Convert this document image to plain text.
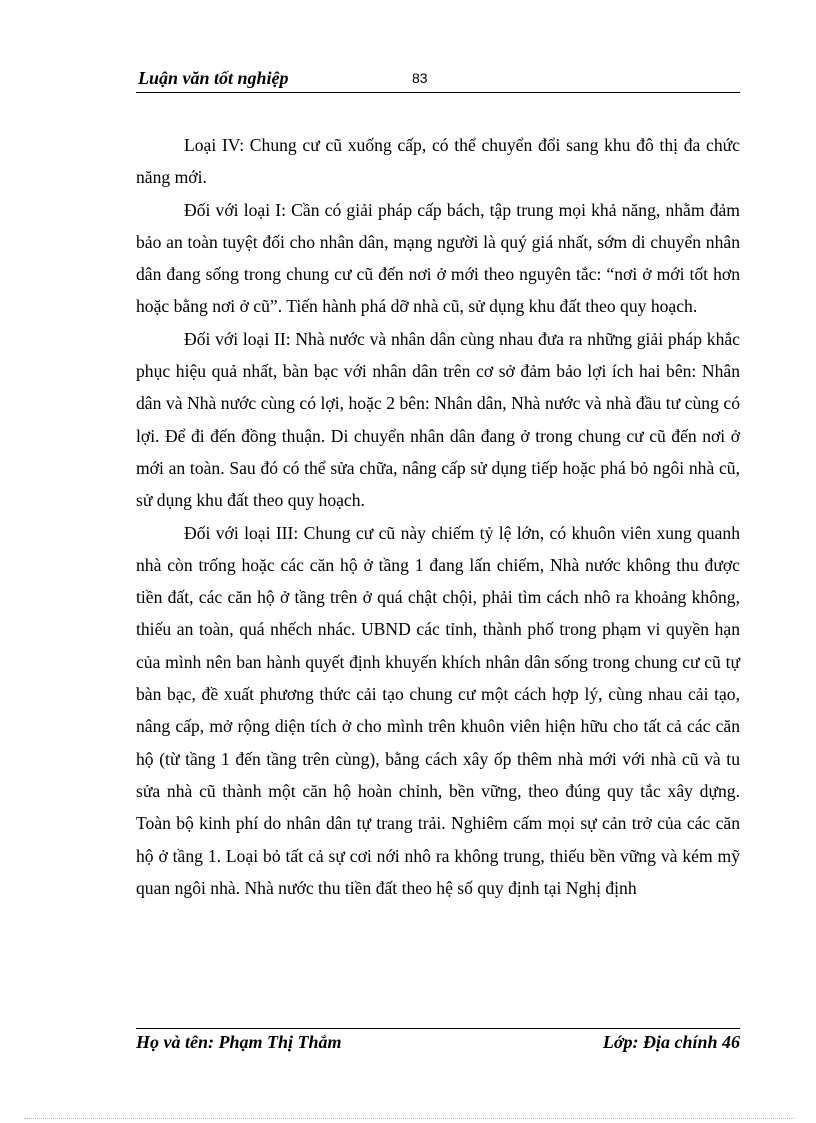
Luận văn tốt nghiệp	83

Loại IV: Chung cư cũ xuống cấp, có thể chuyển đổi sang khu đô thị đa chức năng mới.

Đối với loại I: Cần có giải pháp cấp bách, tập trung mọi khả năng, nhằm đảm bảo an toàn tuyệt đối cho nhân dân, mạng người là quý giá nhất, sớm di chuyển nhân dân đang sống trong chung cư cũ đến nơi ở mới theo nguyên tắc: “nơi ở mới tốt hơn hoặc bằng nơi ở cũ”. Tiến hành phá dỡ nhà cũ, sử dụng khu đất theo quy hoạch.

Đối với loại II: Nhà nước và nhân dân cùng nhau đưa ra những giải pháp khắc phục hiệu quả nhất, bàn bạc với nhân dân trên cơ sở đảm bảo lợi ích hai bên: Nhân dân và Nhà nước cùng có lợi, hoặc 2 bên: Nhân dân, Nhà nước và nhà đầu tư cùng có lợi. Để đi đến đồng thuận. Di chuyển nhân dân đang ở trong chung cư cũ đến nơi ở mới an toàn. Sau đó có thể sửa chữa, nâng cấp sử dụng tiếp hoặc phá bỏ ngôi nhà cũ, sử dụng khu đất theo quy hoạch.

Đối với loại III: Chung cư cũ này chiếm tỷ lệ lớn, có khuôn viên xung quanh nhà còn trống hoặc các căn hộ ở tầng 1 đang lấn chiếm, Nhà nước không thu được tiền đất, các căn hộ ở tầng trên ở quá chật chội, phải tìm cách nhô ra khoảng không, thiếu an toàn, quá nhếch nhác. UBND các tỉnh, thành phố trong phạm vi quyền hạn của mình nên ban hành quyết định khuyến khích nhân dân sống trong chung cư cũ tự bàn bạc, đề xuất phương thức cải tạo chung cư một cách hợp lý, cùng nhau cải tạo, nâng cấp, mở rộng diện tích ở cho mình trên khuôn viên hiện hữu cho tất cả các căn hộ (từ tầng 1 đến tầng trên cùng), bằng cách xây ốp thêm nhà mới với nhà cũ và tu sửa nhà cũ thành một căn hộ hoàn chỉnh, bền vững, theo đúng quy tắc xây dựng. Toàn bộ kinh phí do nhân dân tự trang trải. Nghiêm cấm mọi sự cản trở của các căn hộ ở tầng 1. Loại bỏ tất cả sự cơi nới nhô ra không trung, thiếu bền vững và kém mỹ quan ngôi nhà. Nhà nước thu tiền đất theo hệ số quy định tại Nghị định

Họ và tên: Phạm Thị Thắm	Lớp: Địa chính 46
